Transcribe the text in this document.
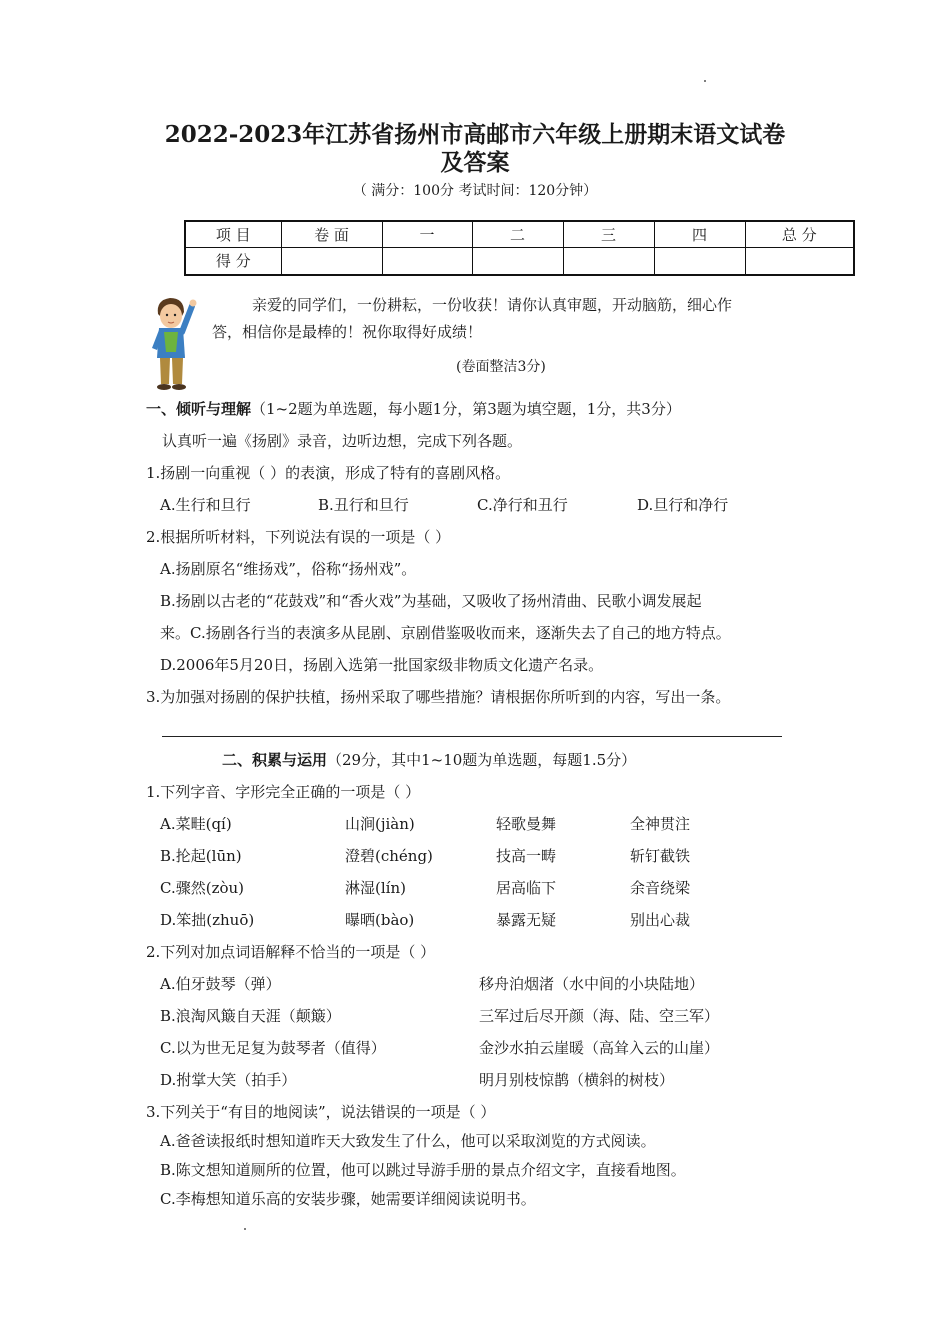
2022-2023年江苏省扬州市高邮市六年级上册期末语文试卷
及答案
（ 满分：100分 考试时间：120分钟）
项 目	卷 面	一	二	三	四	总 分
得 分						
亲爱的同学们，一份耕耘，一份收获！请你认真审题，开动脑筋，细心作
答，相信你是最棒的！祝你取得好成绩！
(卷面整洁3分)
一、倾听与理解（1~2题为单选题，每小题1分，第3题为填空题，1分，共3分）
认真听一遍《扬剧》录音，边听边想，完成下列各题。
1.扬剧一向重视（ ）的表演，形成了特有的喜剧风格。
A.生行和旦行	B.丑行和旦行	C.净行和丑行	D.旦行和净行
2.根据所听材料，下列说法有误的一项是（ ）
A.扬剧原名“维扬戏”，俗称“扬州戏”。
B.扬剧以古老的“花鼓戏”和“香火戏”为基础，又吸收了扬州清曲、民歌小调发展起
来。C.扬剧各行当的表演多从昆剧、京剧借鉴吸收而来，逐渐失去了自己的地方特点。
D.2006年5月20日，扬剧入选第一批国家级非物质文化遗产名录。
3.为加强对扬剧的保护扶植，扬州采取了哪些措施？请根据你所听到的内容，写出一条。
二、积累与运用（29分，其中1~10题为单选题，每题1.5分）
1.下列字音、字形完全正确的一项是（ ）
A.菜畦(qí)	山涧(jiàn)	轻歌曼舞	全神贯注
B.抡起(lūn)	澄碧(chéng)	技高一畴	斩钉截铁
C.骤然(zòu)	淋湿(lín)	居高临下	余音绕梁
D.笨拙(zhuō)	曝晒(bào)	暴露无疑	别出心裁
2.下列对加点词语解释不恰当的一项是（ ）
A.伯牙鼓琴（弹）	移舟泊烟渚（水中间的小块陆地）
B.浪淘风簸自天涯（颠簸）	三军过后尽开颜（海、陆、空三军）
C.以为世无足复为鼓琴者（值得）	金沙水拍云崖暖（高耸入云的山崖）
D.拊掌大笑（拍手）	明月别枝惊鹊（横斜的树枝）
3.下列关于“有目的地阅读”，说法错误的一项是（ ）
A.爸爸读报纸时想知道昨天大致发生了什么，他可以采取浏览的方式阅读。
B.陈文想知道厕所的位置，他可以跳过导游手册的景点介绍文字，直接看地图。
C.李梅想知道乐高的安装步骤，她需要详细阅读说明书。
